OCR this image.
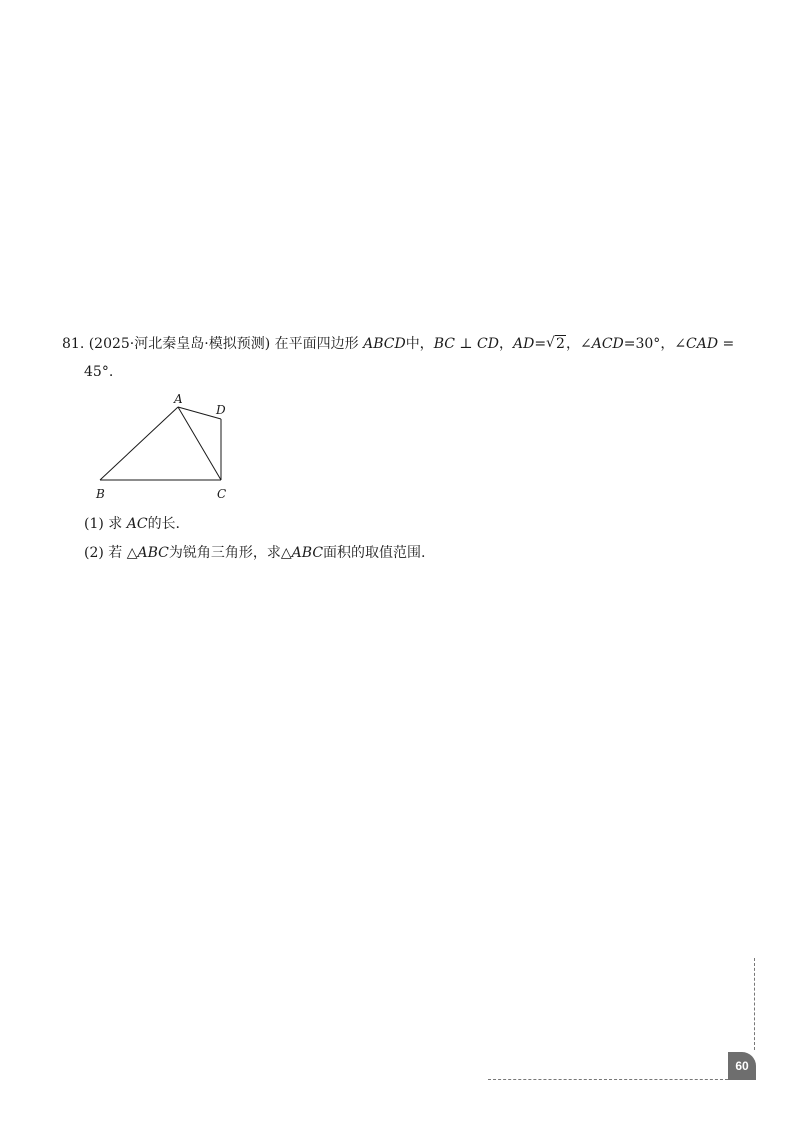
81. (2025·河北秦皇岛·模拟预测) 在平面四边形 ABCD中，BC ⊥ CD，AD= √ 2，∠ACD=30°，∠CAD =
45°.
A
D
B	C
(1) 求 AC的长.
(2) 若 △ABC为锐角三角形，求△ABC面积的取值范围.
60
